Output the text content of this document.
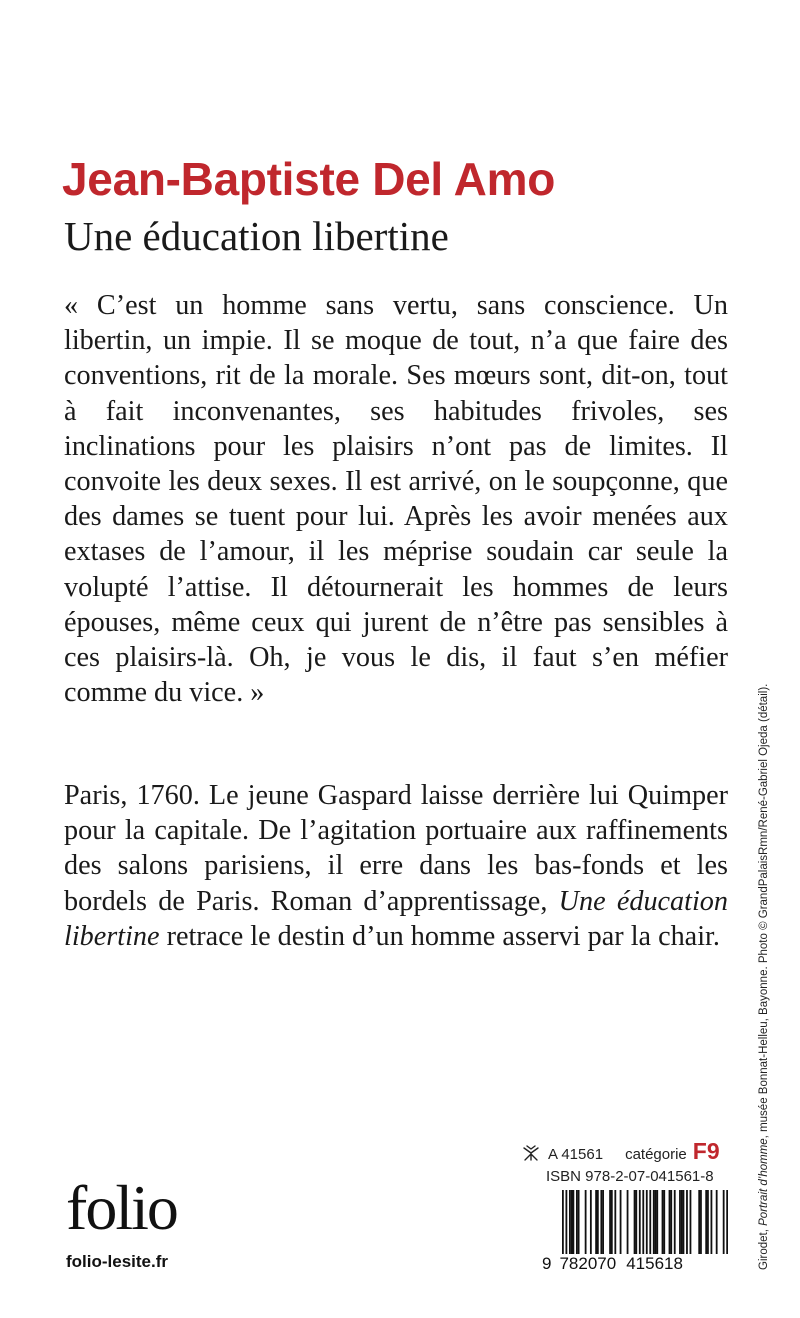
Jean-Baptiste Del Amo
Une éducation libertine

« C’est un homme sans vertu, sans conscience. Un libertin, un impie. Il se moque de tout, n’a que faire des conventions, rit de la morale. Ses mœurs sont, dit-on, tout à fait inconvenantes, ses habitudes frivoles, ses inclinations pour les plaisirs n’ont pas de limites. Il convoite les deux sexes. Il est arrivé, on le soupçonne, que des dames se tuent pour lui. Après les avoir menées aux extases de l’amour, il les méprise soudain car seule la volupté l’attise. Il détournerait les hommes de leurs épouses, même ceux qui jurent de n’être pas sensibles à ces plaisirs-là. Oh, je vous le dis, il faut s’en méfier comme du vice. »

Paris, 1760. Le jeune Gaspard laisse derrière lui Quimper pour la capitale. De l’agitation portuaire aux raffinements des salons parisiens, il erre dans les bas-fonds et les bordels de Paris. Roman d’apprentissage, Une éducation libertine retrace le destin d’un homme asservi par la chair.

Girodet, Portrait d’homme, musée Bonnat-Helleu, Bayonne. Photo © GrandPalaisRmn/René-Gabriel Ojeda (détail).
folio
folio-lesite.fr
A 41561 catégorie F9
ISBN 978-2-07-041561-8
9 782070 415618
